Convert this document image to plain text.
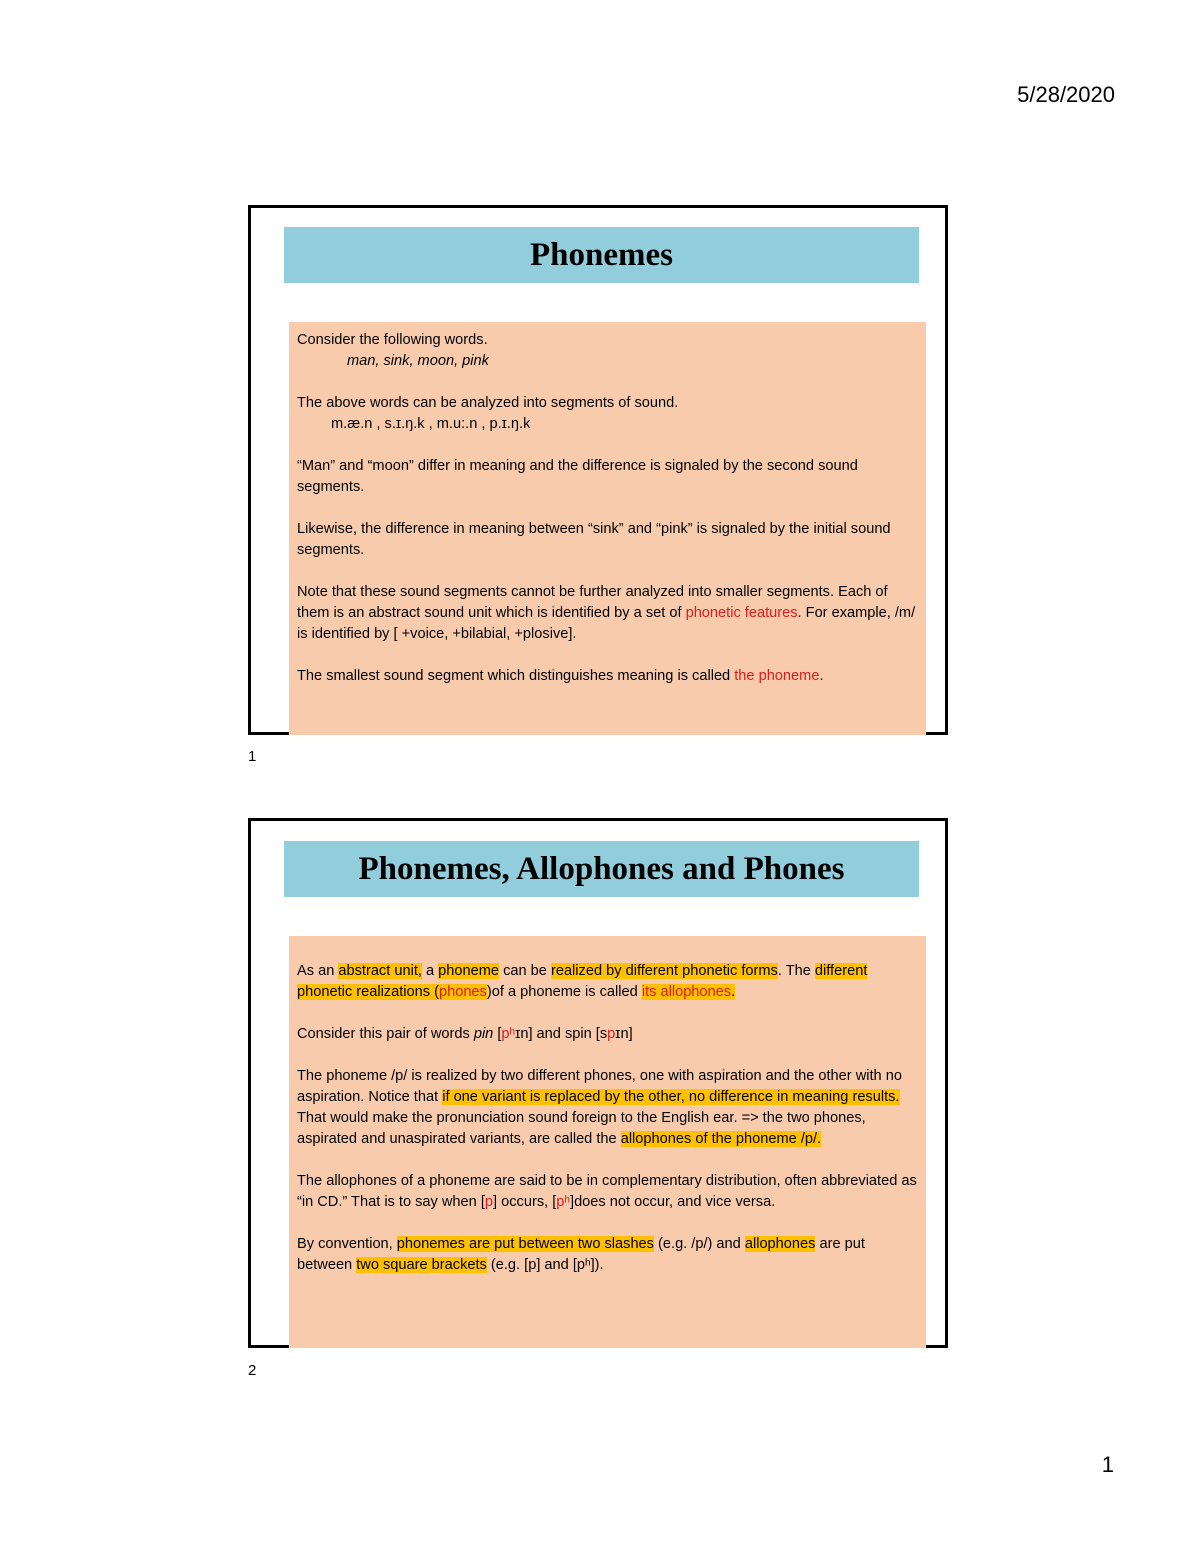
5/28/2020
Phonemes

Consider the following words.
man, sink, moon, pink

The above words can be analyzed into segments of sound.
m.æ.n , s.ɪ.ŋ.k , m.u:.n , p.ɪ.ŋ.k

“Man” and “moon” differ in meaning and the difference is signaled by the second sound segments.

Likewise, the difference in meaning between “sink” and “pink” is signaled by the initial sound segments.

Note that these sound segments cannot be further analyzed into smaller segments. Each of them is an abstract sound unit which is identified by a set of phonetic features. For example, /m/ is identified by [ +voice, +bilabial, +plosive].

The smallest sound segment which distinguishes meaning is called the phoneme.

1
Phonemes, Allophones and Phones

As an abstract unit, a phoneme can be realized by different phonetic forms. The different phonetic realizations (phones)of a phoneme is called its allophones.

Consider this pair of words pin [pʰɪn] and spin [spɪn]

The phoneme /p/ is realized by two different phones, one with aspiration and the other with no aspiration. Notice that if one variant is replaced by the other, no difference in meaning results. That would make the pronunciation sound foreign to the English ear. => the two phones, aspirated and unaspirated variants, are called the allophones of the phoneme /p/.

The allophones of a phoneme are said to be in complementary distribution, often abbreviated as “in CD.” That is to say when [p] occurs, [pʰ]does not occur, and vice versa.

By convention, phonemes are put between two slashes (e.g. /p/) and allophones are put between two square brackets (e.g. [p] and [pʰ]).

2
1
